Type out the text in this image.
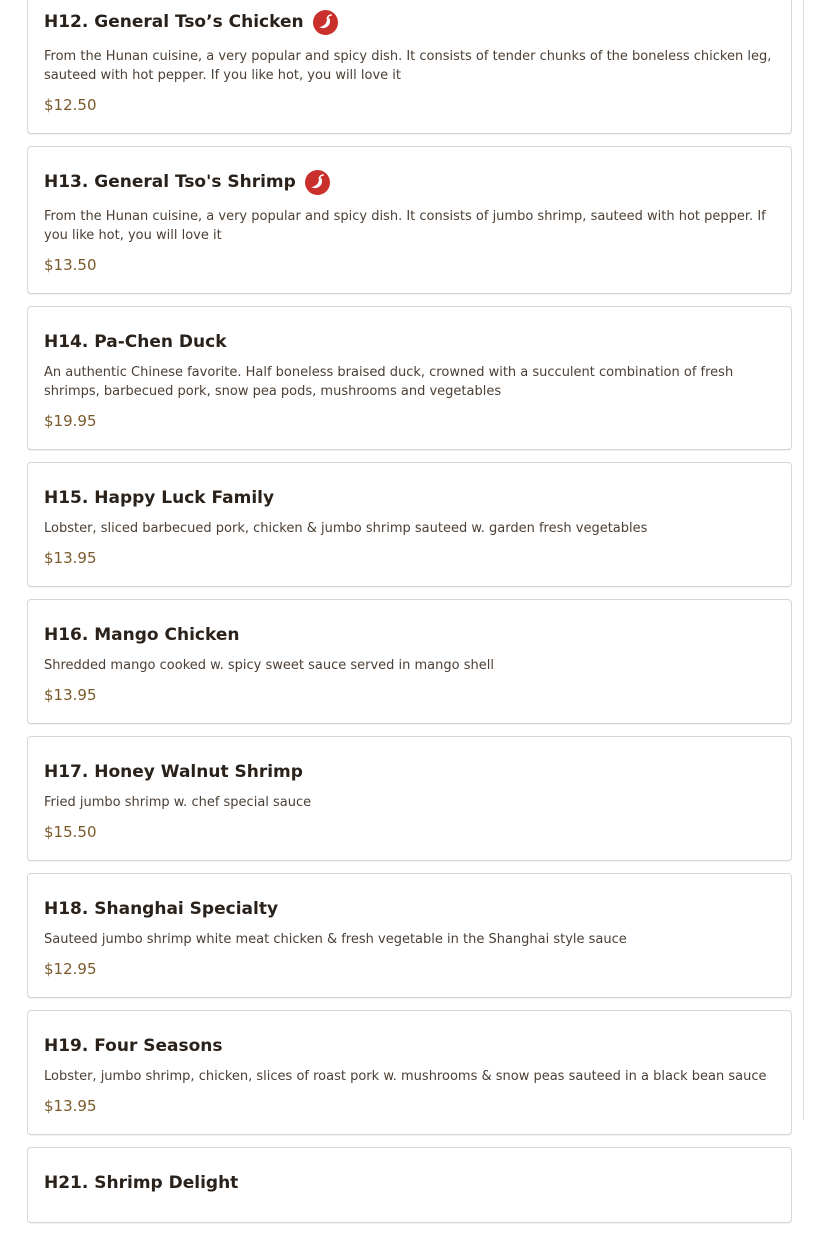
H12. General Tso’s Chicken
From the Hunan cuisine, a very popular and spicy dish. It consists of tender chunks of the boneless chicken leg, sauteed with hot pepper. If you like hot, you will love it
$12.50
H13. General Tso's Shrimp
From the Hunan cuisine, a very popular and spicy dish. It consists of jumbo shrimp, sauteed with hot pepper. If you like hot, you will love it
$13.50
H14. Pa-Chen Duck
An authentic Chinese favorite. Half boneless braised duck, crowned with a succulent combination of fresh shrimps, barbecued pork, snow pea pods, mushrooms and vegetables
$19.95
H15. Happy Luck Family
Lobster, sliced barbecued pork, chicken & jumbo shrimp sauteed w. garden fresh vegetables
$13.95
H16. Mango Chicken
Shredded mango cooked w. spicy sweet sauce served in mango shell
$13.95
H17. Honey Walnut Shrimp
Fried jumbo shrimp w. chef special sauce
$15.50
H18. Shanghai Specialty
Sauteed jumbo shrimp white meat chicken & fresh vegetable in the Shanghai style sauce
$12.95
H19. Four Seasons
Lobster, jumbo shrimp, chicken, slices of roast pork w. mushrooms & snow peas sauteed in a black bean sauce
$13.95
H21. Shrimp Delight
